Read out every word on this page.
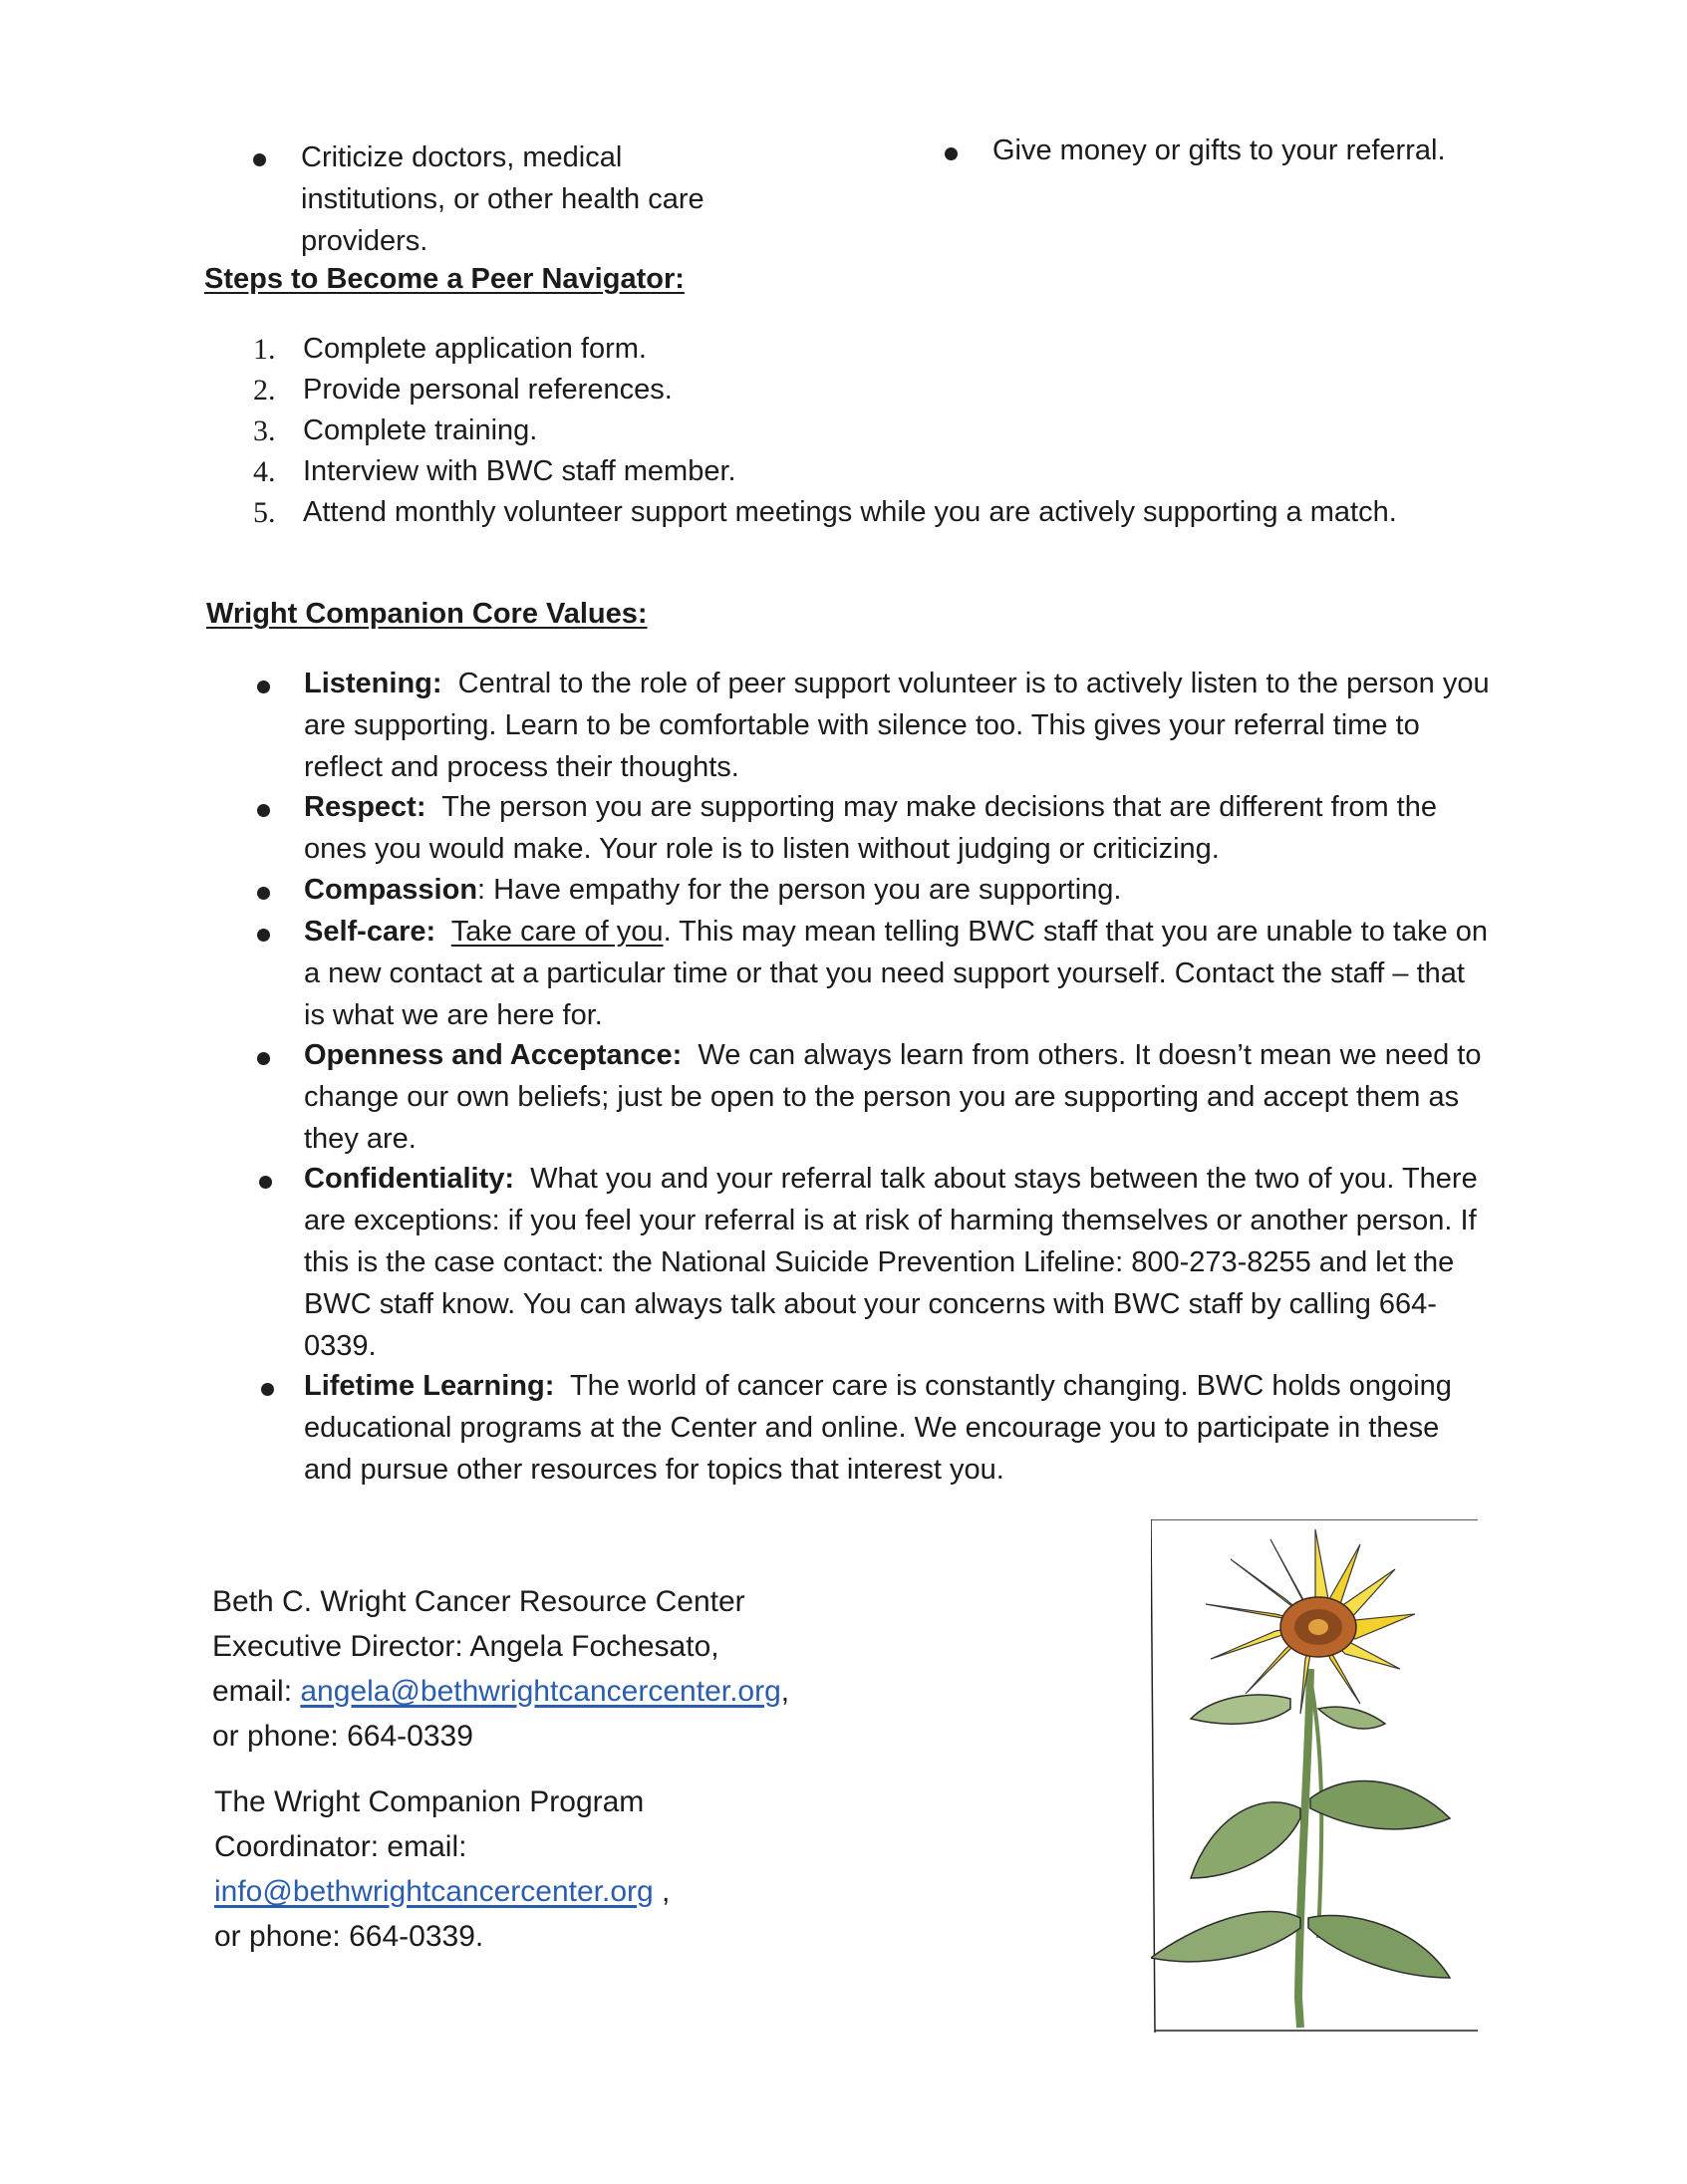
Criticize doctors, medical institutions, or other health care providers.
Give money or gifts to your referral.
Steps to Become a Peer Navigator:
1. Complete application form.
2. Provide personal references.
3. Complete training.
4. Interview with BWC staff member.
5. Attend monthly volunteer support meetings while you are actively supporting a match.
Wright Companion Core Values:
Listening: Central to the role of peer support volunteer is to actively listen to the person you are supporting. Learn to be comfortable with silence too. This gives your referral time to reflect and process their thoughts.
Respect: The person you are supporting may make decisions that are different from the ones you would make. Your role is to listen without judging or criticizing.
Compassion: Have empathy for the person you are supporting.
Self-care: Take care of you. This may mean telling BWC staff that you are unable to take on a new contact at a particular time or that you need support yourself. Contact the staff – that is what we are here for.
Openness and Acceptance: We can always learn from others. It doesn’t mean we need to change our own beliefs; just be open to the person you are supporting and accept them as they are.
Confidentiality: What you and your referral talk about stays between the two of you. There are exceptions: if you feel your referral is at risk of harming themselves or another person. If this is the case contact: the National Suicide Prevention Lifeline: 800-273-8255 and let the BWC staff know. You can always talk about your concerns with BWC staff by calling 664-0339.
Lifetime Learning: The world of cancer care is constantly changing. BWC holds ongoing educational programs at the Center and online. We encourage you to participate in these and pursue other resources for topics that interest you.
Beth C. Wright Cancer Resource Center
Executive Director: Angela Fochesato,
email: angela@bethwrightcancercenter.org,
or phone: 664-0339
The Wright Companion Program
Coordinator: email:
info@bethwrightcancercenter.org ,
or phone: 664-0339.
